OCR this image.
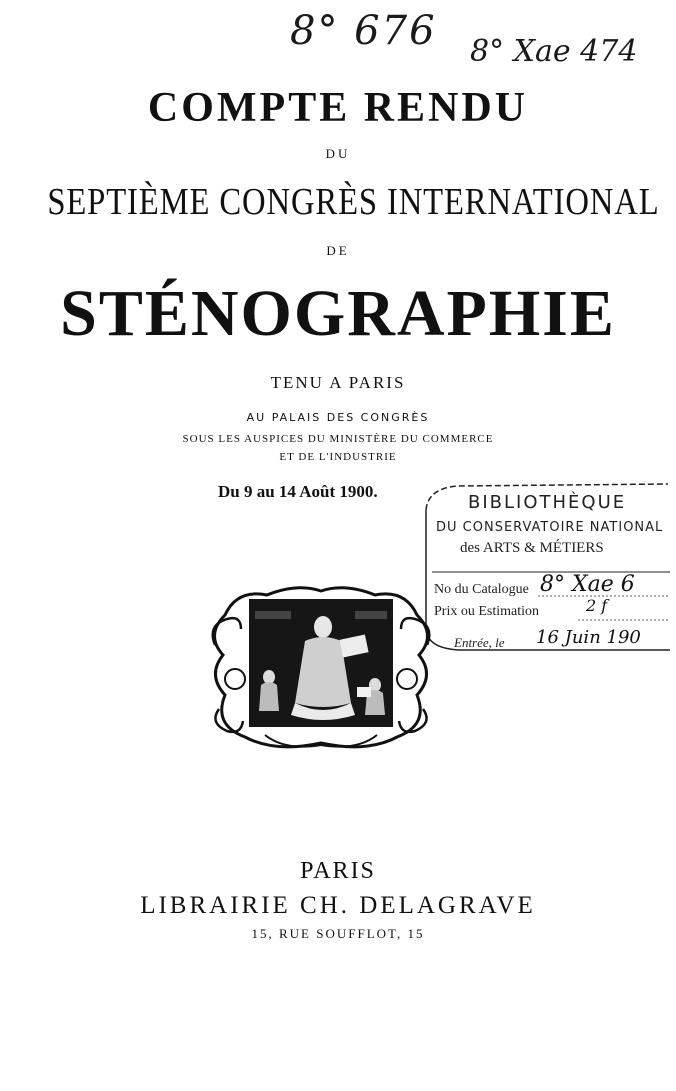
8° 676 8° Xae 474
COMPTE RENDU
DU
SEPTIÈME CONGRÈS INTERNATIONAL
DE
STÉNOGRAPHIE
TENU A PARIS
AU PALAIS DES CONGRÈS
SOUS LES AUSPICES DU MINISTÈRE DU COMMERCE
ET DE L'INDUSTRIE
Du 9 au 14 Août 1900.
BIBLIOTHÈQUE
DU CONSERVATOIRE NATIONAL
des ARTS & MÉTIERS
No du Catalogue 8° Xae 6
Prix ou Estimation	2 f
Entrée, le 16 Juin 190
PARIS
LIBRAIRIE CH. DELAGRAVE
15, RUE SOUFFLOT, 15
